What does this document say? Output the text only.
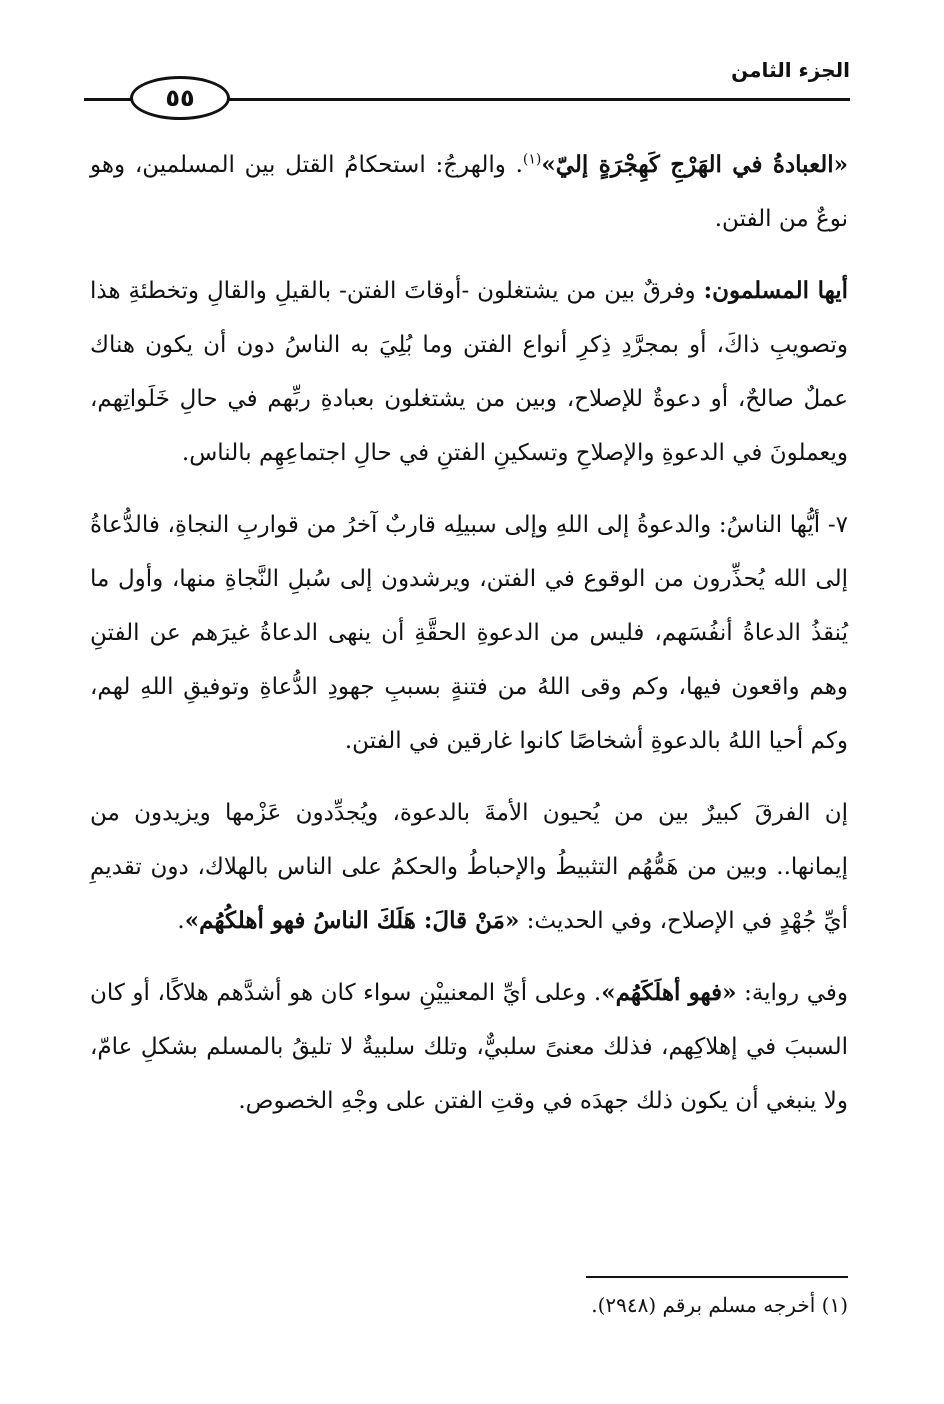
الجزء الثامن
٥٥

«العبادةُ في الهَرْجِ كَهِجْرَةٍ إليّ»$^{(١)}$. والهرجُ: استحكامُ القتل بين المسلمين، وهو نوعٌ من الفتن.

أيها المسلمون: وفرقٌ بين من يشتغلون -أوقاتَ الفتن- بالقيلِ والقالِ وتخطئةِ هذا وتصويبِ ذاكَ، أو بمجرَّدِ ذِكرِ أنواع الفتن وما بُلِيَ به الناسُ دون أن يكون هناك عملٌ صالحٌ، أو دعوةٌ للإصلاح، وبين من يشتغلون بعبادةِ ربِّهم في حالِ خَلَواتِهم، ويعملونَ في الدعوةِ والإصلاحِ وتسكينِ الفتنِ في حالِ اجتماعِهِم بالناس.

٧- أيُّها الناسُ: والدعوةُ إلى اللهِ وإلى سبيلِه قاربٌ آخرُ من قواربِ النجاةِ، فالدُّعاةُ إلى الله يُحذِّرون من الوقوع في الفتن، ويرشدون إلى سُبلِ النَّجاةِ منها، وأول ما يُنقذُ الدعاةُ أنفُسَهم، فليس من الدعوةِ الحقَّةِ أن ينهى الدعاةُ غيرَهم عن الفتنِ وهم واقعون فيها، وكم وقى اللهُ من فتنةٍ بسببِ جهودِ الدُّعاةِ وتوفيقِ اللهِ لهم، وكم أحيا اللهُ بالدعوةِ أشخاصًا كانوا غارقين في الفتن.

إن الفرقَ كبيرٌ بين من يُحيون الأمةَ بالدعوة، ويُجدِّدون عَزْمها ويزيدون من إيمانها.. وبين من هَمُّهُم التثبيطُ والإحباطُ والحكمُ على الناس بالهلاك، دون تقديمِ أيِّ جُهْدٍ في الإصلاح، وفي الحديث: «مَنْ قالَ: هَلَكَ الناسُ فهو أهلكُهُم».

وفي رواية: «فهو أهلَكَهُم». وعلى أيِّ المعنييْنِ سواء كان هو أشدَّهم هلاكًا، أو كان السببَ في إهلاكِهم، فذلك معنىً سلبيٌّ، وتلك سلبيةٌ لا تليقُ بالمسلم بشكلِ عامّ، ولا ينبغي أن يكون ذلك جهدَه في وقتِ الفتن على وجْهِ الخصوص.

(١) أخرجه مسلم برقم (٢٩٤٨).
